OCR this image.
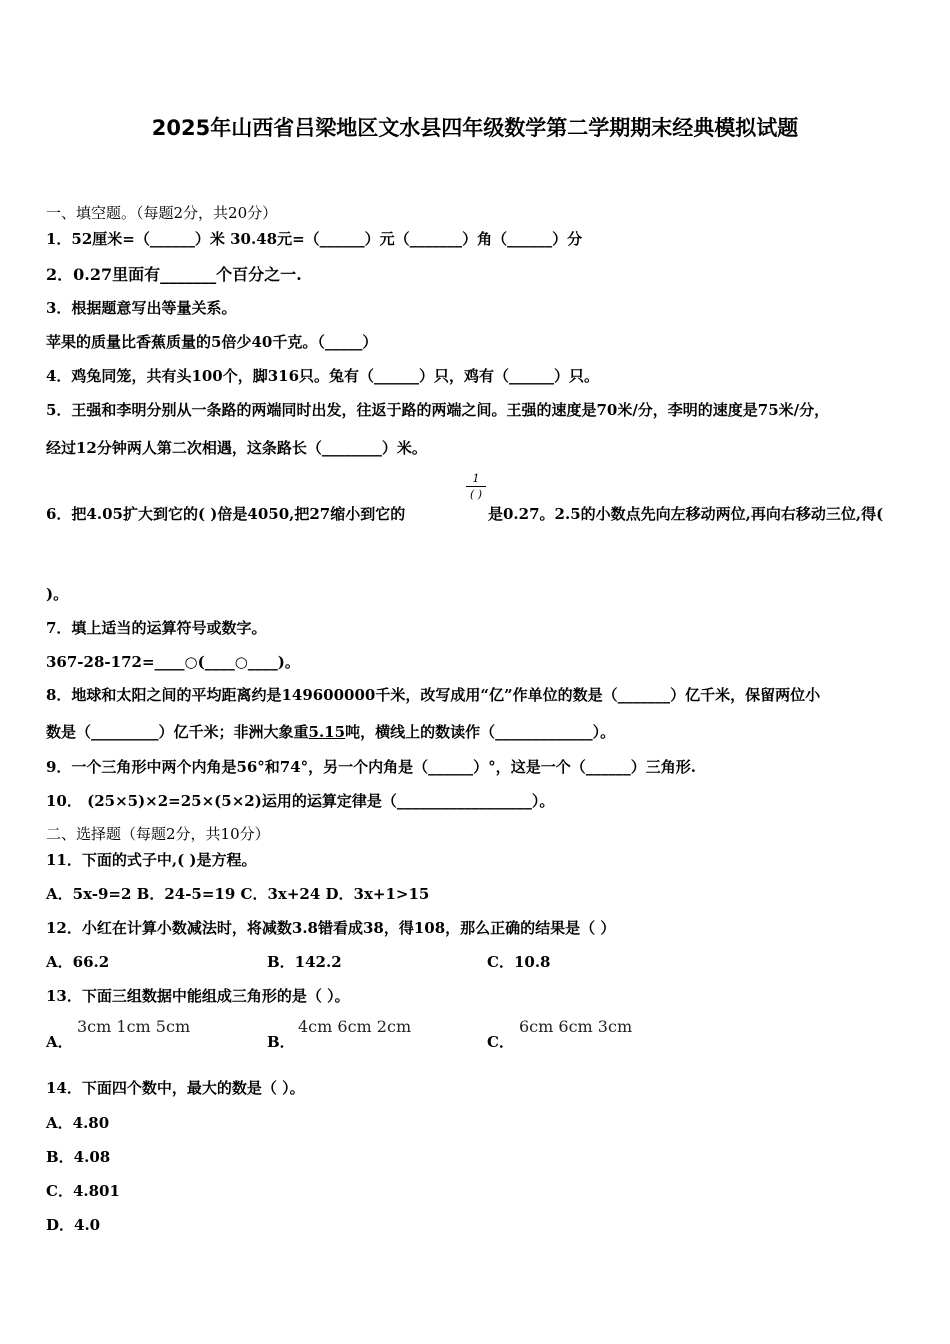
2025年山西省吕梁地区文水县四年级数学第二学期期末经典模拟试题
一、填空题。（每题2分，共20分）
1．52厘米=（______）米 30.48元=（______）元（_______）角（______）分
2．0.27里面有_______个百分之一.
3．根据题意写出等量关系。
苹果的质量比香蕉质量的5倍少40千克。（_____）
4．鸡兔同笼，共有头100个，脚316只。兔有（______）只，鸡有（______）只。
5．王强和李明分别从一条路的两端同时出发，往返于路的两端之间。王强的速度是70米/分，李明的速度是75米/分，
经过12分钟两人第二次相遇，这条路长（________）米。
6．把4.05扩大到它的( )倍是4050,把27缩小到它的
1
( )
是0.27。2.5的小数点先向左移动两位,再向右移动三位,得(
)。
7．填上适当的运算符号或数字。
367-28-172=____○(____○____)。
8．地球和太阳之间的平均距离约是149600000千米，改写成用“亿”作单位的数是（_______）亿千米，保留两位小
数是（_________）亿千米；非洲大象重5.15吨，横线上的数读作（_____________）。
9．一个三角形中两个内角是56°和74°，另一个内角是（______）°，这是一个（______）三角形.
10． (25×5)×2=25×(5×2)运用的运算定律是（__________________）。
二、选择题（每题2分，共10分）
11．下面的式子中,( )是方程。
A．5x-9=2 B．24-5=19 C．3x+24 D．3x+1>15
12．小红在计算小数减法时，将减数3.8错看成38，得108，那么正确的结果是（ ）
A．66.2	B．142.2	C．10.8
13．下面三组数据中能组成三角形的是（ ）。
A．
3cm 1cm 5cm
B．
4cm 6cm 2cm
C．
6cm 6cm 3cm
14．下面四个数中，最大的数是（ ）。
A．4.80
B．4.08
C．4.801
D．4.0
